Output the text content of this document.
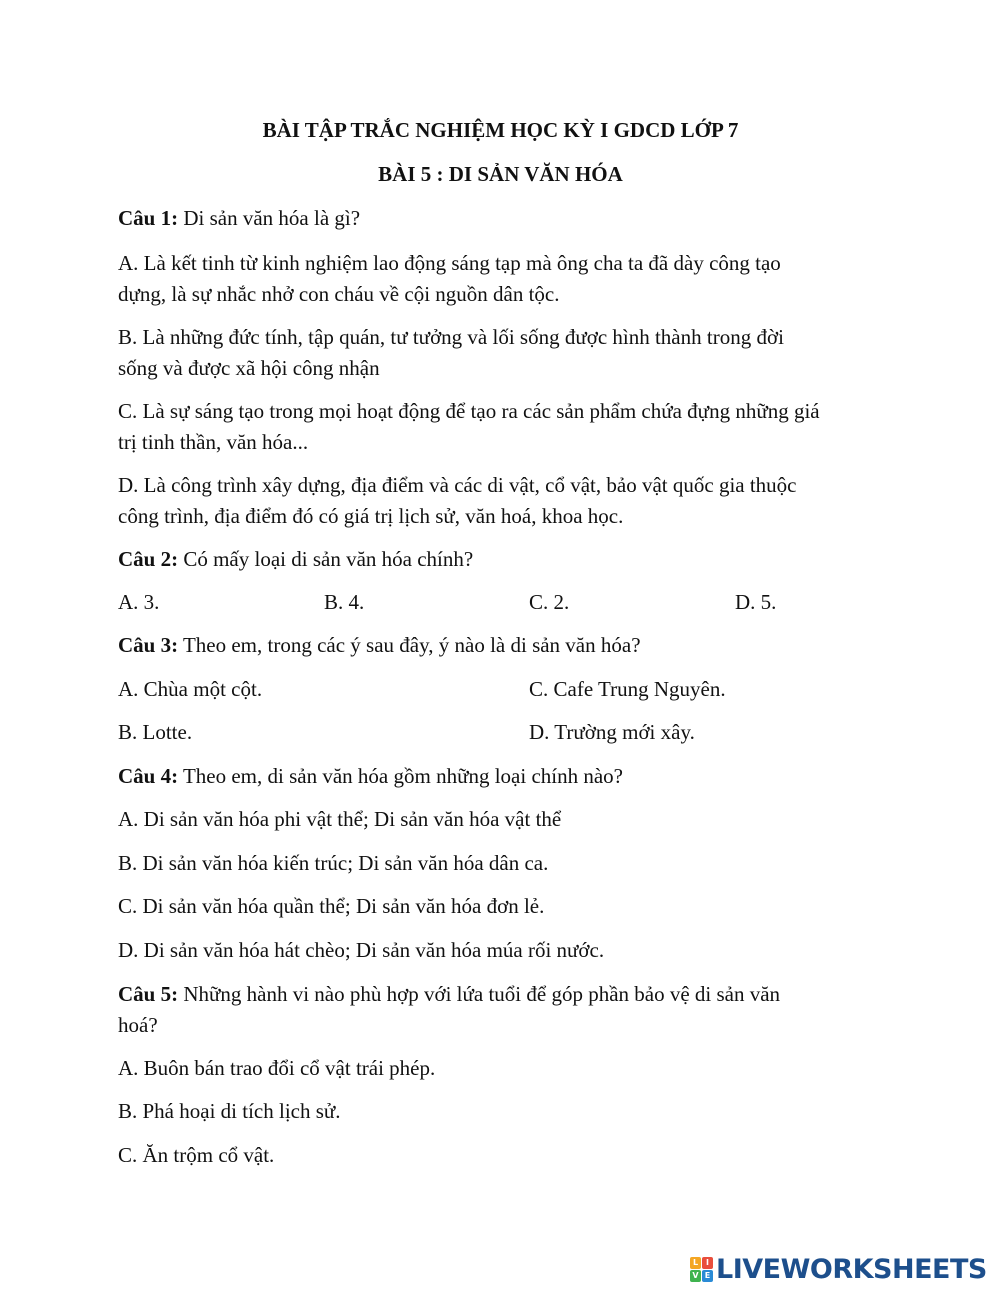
BÀI TẬP TRẮC NGHIỆM HỌC KỲ I GDCD LỚP 7
BÀI 5 : DI SẢN VĂN HÓA
Câu 1: Di sản văn hóa là gì?
A. Là kết tinh từ kinh nghiệm lao động sáng tạp mà ông cha ta đã dày công tạo
dựng, là sự nhắc nhở con cháu về cội nguồn dân tộc.
B. Là những đức tính, tập quán, tư tưởng và lối sống được hình thành trong đời
sống và được xã hội công nhận
C. Là sự sáng tạo trong mọi hoạt động để tạo ra các sản phẩm chứa đựng những giá
trị tinh thần, văn hóa...
D. Là công trình xây dựng, địa điểm và các di vật, cổ vật, bảo vật quốc gia thuộc
công trình, địa điểm đó có giá trị lịch sử, văn hoá, khoa học.
Câu 2: Có mấy loại di sản văn hóa chính?
A. 3.	B. 4.	C. 2.	D. 5.
Câu 3: Theo em, trong các ý sau đây, ý nào là di sản văn hóa?
A. Chùa một cột.	C. Cafe Trung Nguyên.
B. Lotte.	D. Trường mới xây.
Câu 4: Theo em, di sản văn hóa gồm những loại chính nào?
A. Di sản văn hóa phi vật thể; Di sản văn hóa vật thể
B. Di sản văn hóa kiến trúc; Di sản văn hóa dân ca.
C. Di sản văn hóa quần thể; Di sản văn hóa đơn lẻ.
D. Di sản văn hóa hát chèo; Di sản văn hóa múa rối nước.
Câu 5: Những hành vi nào phù hợp với lứa tuổi để góp phần bảo vệ di sản văn
hoá?
A. Buôn bán trao đổi cổ vật trái phép.
B. Phá hoại di tích lịch sử.
C. Ăn trộm cổ vật.
L I
V E LIVEWORKSHEETS
